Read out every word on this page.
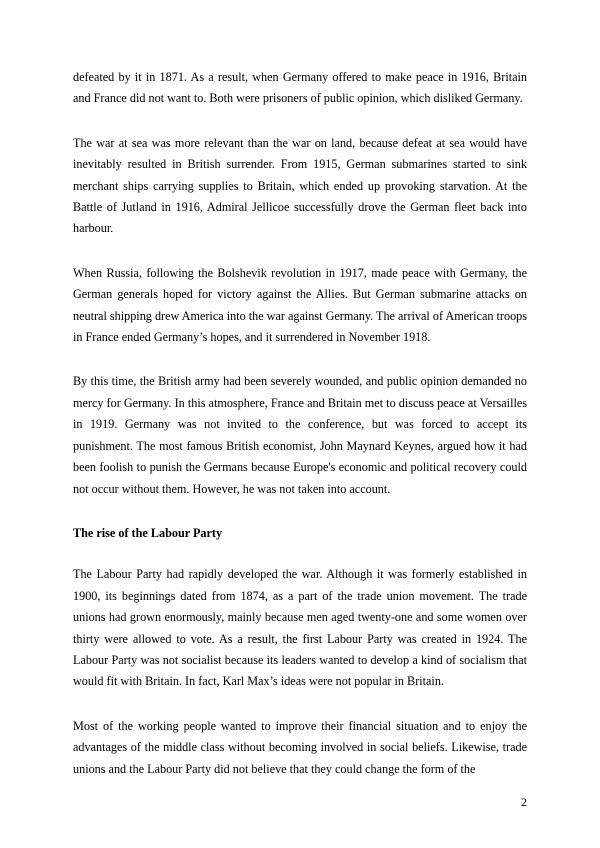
defeated by it in 1871. As a result, when Germany offered to make peace in 1916, Britain and France did not want to. Both were prisoners of public opinion, which disliked Germany.

The war at sea was more relevant than the war on land, because defeat at sea would have inevitably resulted in British surrender. From 1915, German submarines started to sink merchant ships carrying supplies to Britain, which ended up provoking starvation. At the Battle of Jutland in 1916, Admiral Jellicoe successfully drove the German fleet back into harbour.

When Russia, following the Bolshevik revolution in 1917, made peace with Germany, the German generals hoped for victory against the Allies. But German submarine attacks on neutral shipping drew America into the war against Germany. The arrival of American troops in France ended Germany’s hopes, and it surrendered in November 1918.

By this time, the British army had been severely wounded, and public opinion demanded no mercy for Germany. In this atmosphere, France and Britain met to discuss peace at Versailles in 1919. Germany was not invited to the conference, but was forced to accept its punishment. The most famous British economist, John Maynard Keynes, argued how it had been foolish to punish the Germans because Europe's economic and political recovery could not occur without them. However, he was not taken into account.

The rise of the Labour Party

The Labour Party had rapidly developed the war. Although it was formerly established in 1900, its beginnings dated from 1874, as a part of the trade union movement. The trade unions had grown enormously, mainly because men aged twenty-one and some women over thirty were allowed to vote. As a result, the first Labour Party was created in 1924. The Labour Party was not socialist because its leaders wanted to develop a kind of socialism that would fit with Britain. In fact, Karl Max’s ideas were not popular in Britain.

Most of the working people wanted to improve their financial situation and to enjoy the advantages of the middle class without becoming involved in social beliefs. Likewise, trade unions and the Labour Party did not believe that they could change the form of the

2
